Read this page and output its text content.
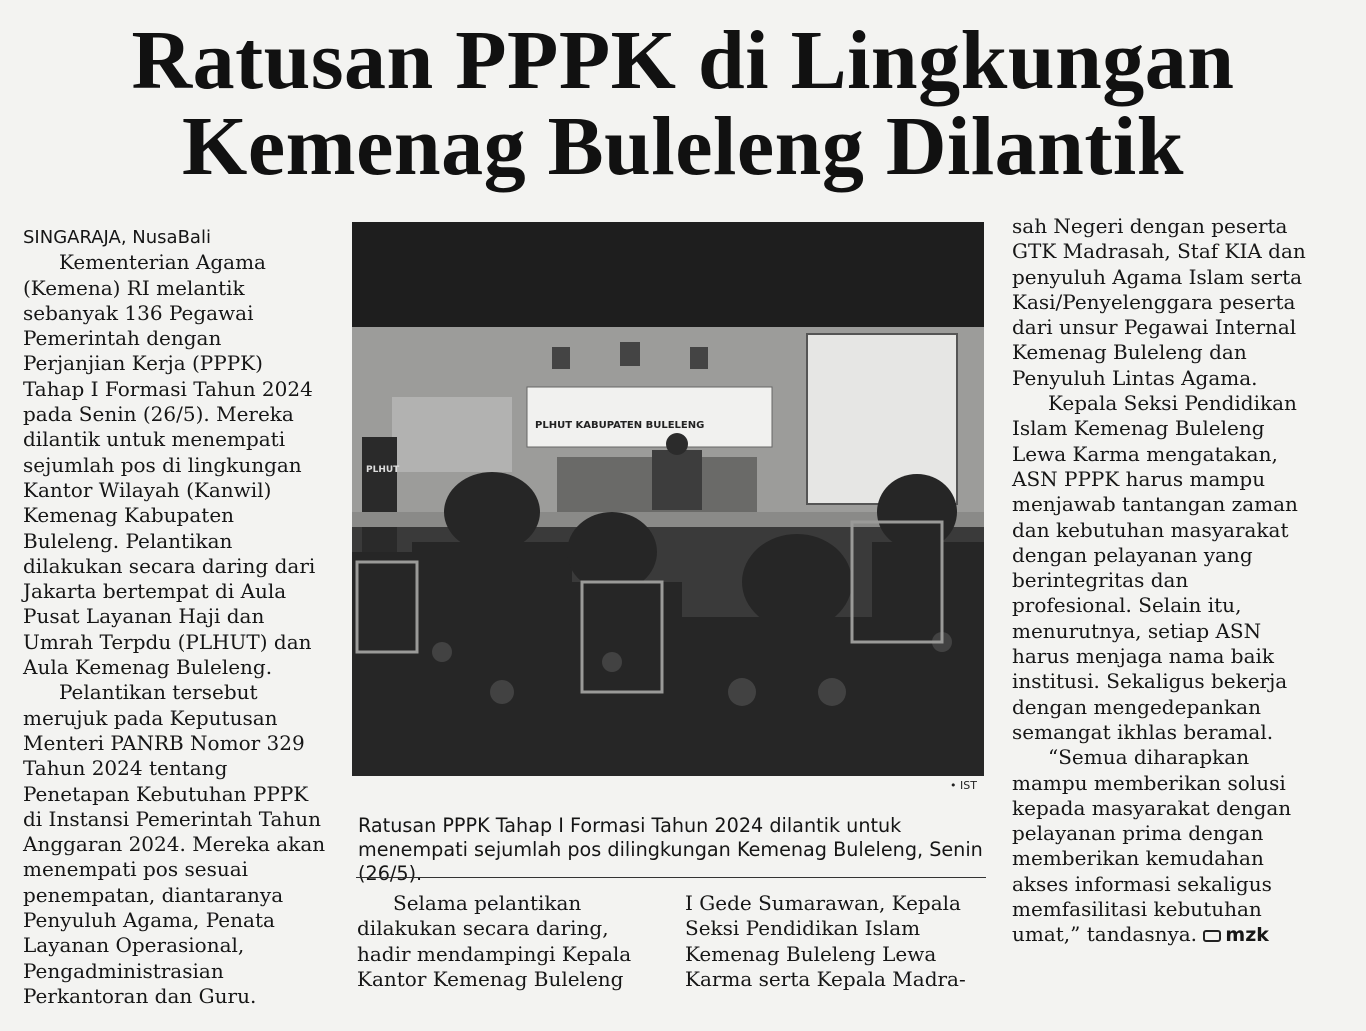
Ratusan PPPK di Lingkungan
Kemenag Buleleng Dilantik

SINGARAJA, NusaBali

Kementerian Agama (Kemena) RI melantik sebanyak 136 Pegawai Pemerintah dengan Perjanjian Kerja (PPPK) Tahap I Formasi Tahun 2024 pada Senin (26/5). Mereka dilantik untuk menempati sejumlah pos di lingkungan Kantor Wilayah (Kanwil) Kemenag Kabupaten Buleleng. Pelantikan dilakukan secara daring dari Jakarta bertempat di Aula Pusat Layanan Haji dan Umrah Terpdu (PLHUT) dan Aula Kemenag Buleleng.

Pelantikan tersebut merujuk pada Keputusan Menteri PANRB Nomor 329 Tahun 2024 tentang Penetapan Kebutuhan PPPK di Instansi Pemerintah Tahun Anggaran 2024. Mereka akan menempati pos sesuai penempatan, diantaranya Penyuluh Agama, Penata Layanan Operasional, Pengadministrasian Perkantoran dan Guru.

PLHUT KABUPATEN BULELENG
PLHUT
• IST

Ratusan PPPK Tahap I Formasi Tahun 2024 dilantik untuk menempati sejumlah pos dilingkungan Kemenag Buleleng, Senin (26/5).

Selama pelantikan dilakukan secara daring, hadir mendampingi Kepala Kantor Kemenag Buleleng

I Gede Sumarawan, Kepala Seksi Pendidikan Islam Kemenag Buleleng Lewa Karma serta Kepala Madra-

sah Negeri dengan peserta GTK Madrasah, Staf KIA dan penyuluh Agama Islam serta Kasi/Penyelenggara peserta dari unsur Pegawai Internal Kemenag Buleleng dan Penyuluh Lintas Agama.

Kepala Seksi Pendidikan Islam Kemenag Buleleng Lewa Karma mengatakan, ASN PPPK harus mampu menjawab tantangan zaman dan kebutuhan masyarakat dengan pelayanan yang berintegritas dan profesional. Selain itu, menurutnya, setiap ASN harus menjaga nama baik institusi. Sekaligus bekerja dengan mengedepankan semangat ikhlas beramal.

“Semua diharapkan mampu memberikan solusi kepada masyarakat dengan pelayanan prima dengan memberikan kemudahan akses informasi sekaligus memfasilitasi kebutuhan umat,” tandasnya. mzk
